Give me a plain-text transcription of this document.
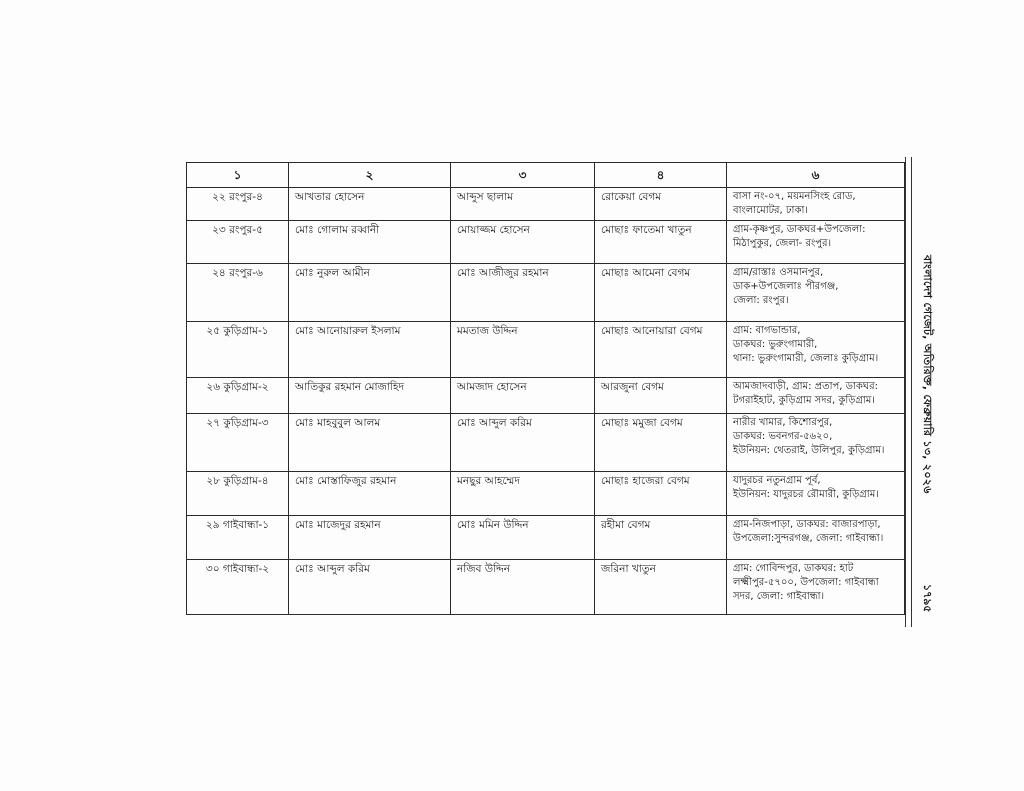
১	২	৩	৪	৬
২২ রংপুর-৪	আখতার হোসেন	আব্দুস ছালাম	রোকেয়া বেগম	বাসা নং-০৭, ময়মনসিংহ রোড,
বাংলামোটর, ঢাকা।

২৩ রংপুর-৫	মোঃ গোলাম রব্বানী	মোয়াজ্জম হোসেন	মোছাঃ ফাতেমা খাতুন	গ্রাম-কৃষ্ণপুর, ডাকঘর+উপজেলা:
মিঠাপুকুর, জেলা- রংপুর।

২৪ রংপুর-৬	মোঃ নুরুল আমীন	মোঃ আজীজুর রহমান	মোছাঃ আমেনা বেগম	গ্রাম/রাস্তাঃ ওসমানপুর,
ডাক+উপজেলাঃ পীরগঞ্জ,
জেলা: রংপুর।

২৫ কুড়িগ্রাম-১	মোঃ আনোয়ারুল ইসলাম	মমতাজ উদ্দিন	মোছাঃ আনোয়ারা বেগম	গ্রাম: বাগভান্ডার,
ডাকঘর: ভুরুংগামারী,
থানা: ভুরুংগামারী, জেলাঃ কুড়িগ্রাম।

২৬ কুড়িগ্রাম-২	আতিকুর রহমান মোজাহিদ	আমজাদ হোসেন	আরজুনা বেগম	আমজাদবাড়ী, গ্রাম: প্রতাপ, ডাকঘর:
টগরাইহাট, কুড়িগ্রাম সদর, কুড়িগ্রাম।

২৭ কুড়িগ্রাম-৩	মোঃ মাহবুবুল আলম	মোঃ আব্দুল করিম	মোছাঃ মমুজা বেগম	নারীর খামার, কিশোরপুর,
ডাকঘর: ভবনগর-৫৬২০,
ইউনিয়ন: থেতরাই, উলিপুর, কুড়িগ্রাম।

২৮ কুড়িগ্রাম-৪	মোঃ মোস্তাফিজুর রহমান	মনছুর আহম্মেদ	মোছাঃ হাজেরা বেগম	যাদুরচর নতুনগ্রাম পূর্ব,
ইউনিয়ন: যাদুরচর রৌমারী, কুড়িগ্রাম।

২৯ গাইবান্ধা-১	মোঃ মাজেদুর রহমান	মোঃ মমিন উদ্দিন	রহীমা বেগম	গ্রাম-নিজপাড়া, ডাকঘর: বাজারপাড়া,
উপজেলা:সুন্দরগঞ্জ, জেলা: গাইবান্ধা।

৩০ গাইবান্ধা-২	মোঃ আব্দুল করিম	নজিব উদ্দিন	জরিনা খাতুন	গ্রাম: গোবিন্দপুর, ডাকঘর: হাট
লক্ষ্মীপুর-৫৭০০, উপজেলা: গাইবান্ধা
সদর, জেলা: গাইবান্ধা।
বাংলাদেশ গেজেট, অতিরিক্ত, ফেব্রুয়ারি ১৩, ২০২৬
১৭৯৫
